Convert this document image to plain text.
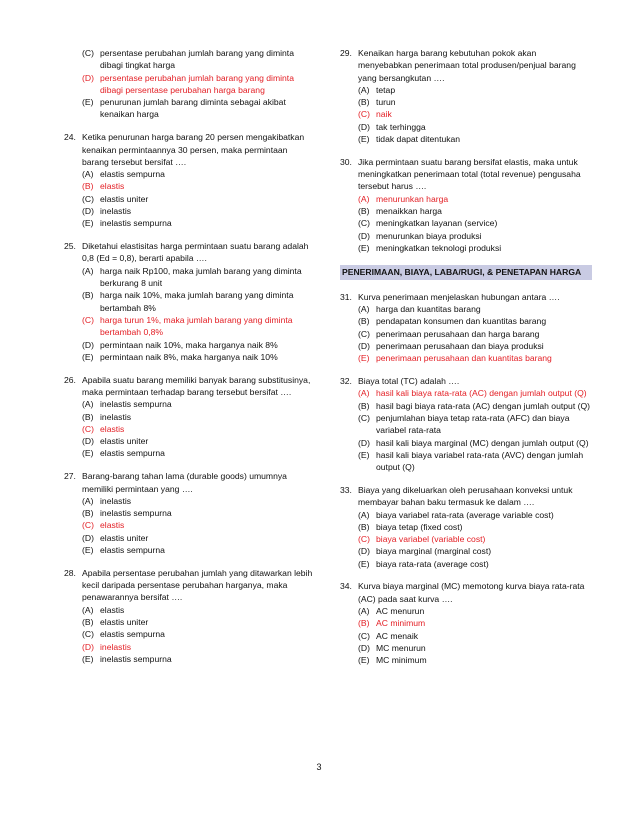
(C) persentase perubahan jumlah barang yang diminta dibagi tingkat harga
(D) persentase perubahan jumlah barang yang diminta dibagi persentase perubahan harga barang
(E) penurunan jumlah barang diminta sebagai akibat kenaikan harga
24. Ketika penurunan harga barang 20 persen mengakibatkan kenaikan permintaannya 30 persen, maka permintaan barang tersebut bersifat ….
(A) elastis sempurna
(B) elastis
(C) elastis uniter
(D) inelastis
(E) inelastis sempurna
25. Diketahui elastisitas harga permintaan suatu barang adalah 0,8 (Ed = 0,8), berarti apabila ….
(A) harga naik Rp100, maka jumlah barang yang diminta berkurang 8 unit
(B) harga naik 10%, maka jumlah barang yang diminta bertambah 8%
(C) harga turun 1%, maka jumlah barang yang diminta bertambah 0,8%
(D) permintaan naik 10%, maka harganya naik 8%
(E) permintaan naik 8%, maka harganya naik 10%
26. Apabila suatu barang memiliki banyak barang substitusinya, maka permintaan terhadap barang tersebut bersifat ….
(A) inelastis sempurna
(B) inelastis
(C) elastis
(D) elastis uniter
(E) elastis sempurna
27. Barang-barang tahan lama (durable goods) umumnya memiliki permintaan yang ….
(A) inelastis
(B) inelastis sempurna
(C) elastis
(D) elastis uniter
(E) elastis sempurna
28. Apabila persentase perubahan jumlah yang ditawarkan lebih kecil daripada persentase perubahan harganya, maka penawarannya bersifat ….
(A) elastis
(B) elastis uniter
(C) elastis sempurna
(D) inelastis
(E) inelastis sempurna
29. Kenaikan harga barang kebutuhan pokok akan menyebabkan penerimaan total produsen/penjual barang yang bersangkutan ….
(A) tetap
(B) turun
(C) naik
(D) tak terhingga
(E) tidak dapat ditentukan
30. Jika permintaan suatu barang bersifat elastis, maka untuk meningkatkan penerimaan total (total revenue) pengusaha tersebut harus ….
(A) menurunkan harga
(B) menaikkan harga
(C) meningkatkan layanan (service)
(D) menurunkan biaya produksi
(E) meningkatkan teknologi produksi
PENERIMAAN, BIAYA, LABA/RUGI, & PENETAPAN HARGA
31. Kurva penerimaan menjelaskan hubungan antara ….
(A) harga dan kuantitas barang
(B) pendapatan konsumen dan kuantitas barang
(C) penerimaan perusahaan dan harga barang
(D) penerimaan perusahaan dan biaya produksi
(E) penerimaan perusahaan dan kuantitas barang
32. Biaya total (TC) adalah ….
(A) hasil kali biaya rata-rata (AC) dengan jumlah output (Q)
(B) hasil bagi biaya rata-rata (AC) dengan jumlah output (Q)
(C) penjumlahan biaya tetap rata-rata (AFC) dan biaya variabel rata-rata
(D) hasil kali biaya marginal (MC) dengan jumlah output (Q)
(E) hasil kali biaya variabel rata-rata (AVC) dengan jumlah output (Q)
33. Biaya yang dikeluarkan oleh perusahaan konveksi untuk membayar bahan baku termasuk ke dalam ….
(A) biaya variabel rata-rata (average variable cost)
(B) biaya tetap (fixed cost)
(C) biaya variabel (variable cost)
(D) biaya marginal (marginal cost)
(E) biaya rata-rata (average cost)
34. Kurva biaya marginal (MC) memotong kurva biaya rata-rata (AC) pada saat kurva ….
(A) AC menurun
(B) AC minimum
(C) AC menaik
(D) MC menurun
(E) MC minimum
3
